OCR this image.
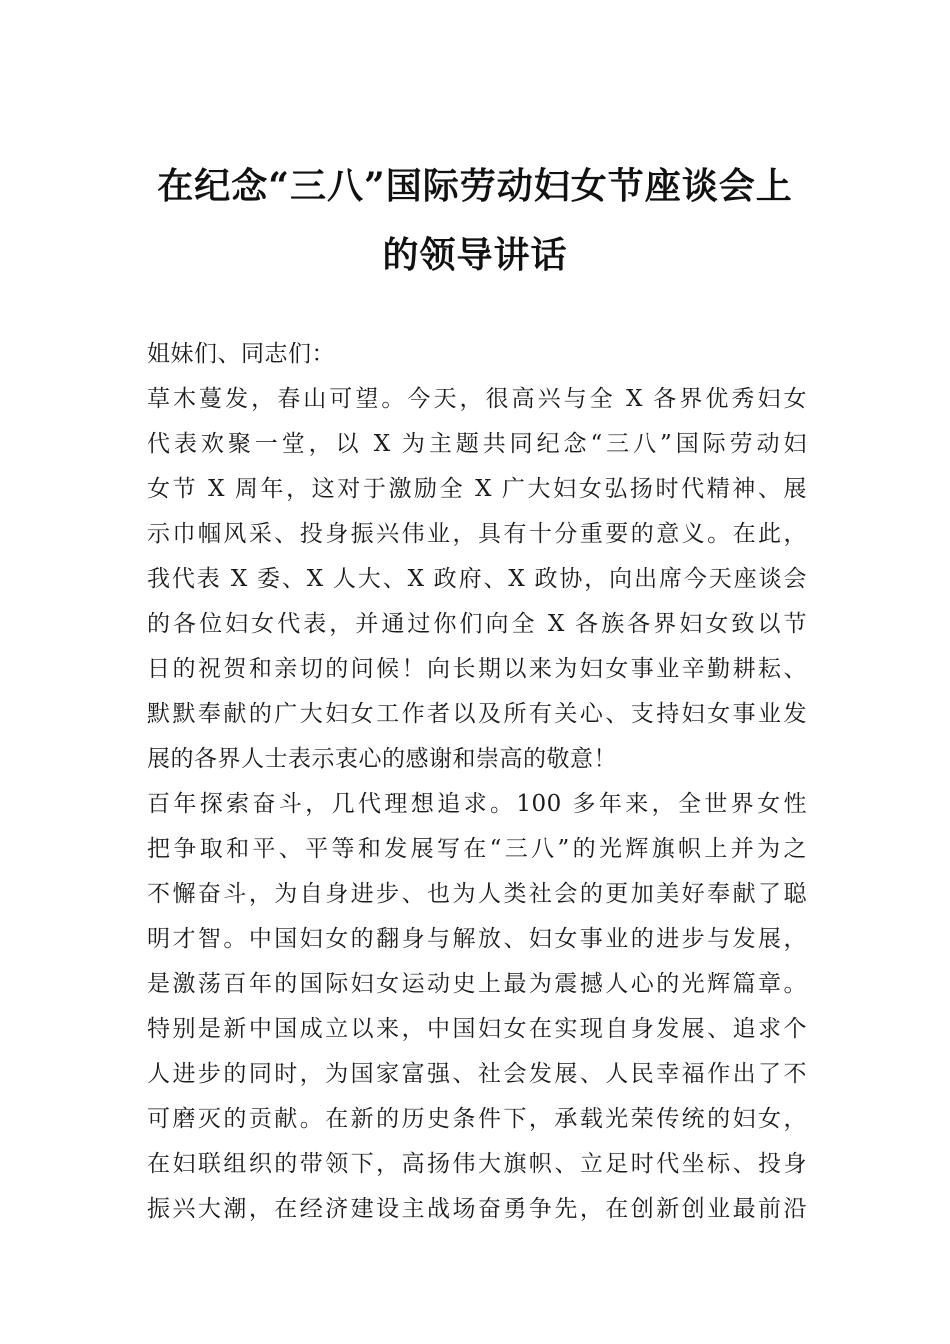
在纪念“三八”国际劳动妇女节座谈会上
的领导讲话
姐妹们、同志们：
草木蔓发，春山可望。今天，很高兴与全 X 各界优秀妇女
代表欢聚一堂，以 X 为主题共同纪念“三八”国际劳动妇
女节 X 周年，这对于激励全 X 广大妇女弘扬时代精神、展
示巾帼风采、投身振兴伟业，具有十分重要的意义。在此，
我代表 X 委、X 人大、X 政府、X 政协，向出席今天座谈会
的各位妇女代表，并通过你们向全 X 各族各界妇女致以节
日的祝贺和亲切的问候！向长期以来为妇女事业辛勤耕耘、
默默奉献的广大妇女工作者以及所有关心、支持妇女事业发
展的各界人士表示衷心的感谢和崇高的敬意！
百年探索奋斗，几代理想追求。100 多年来，全世界女性
把争取和平、平等和发展写在“三八”的光辉旗帜上并为之
不懈奋斗，为自身进步、也为人类社会的更加美好奉献了聪
明才智。中国妇女的翻身与解放、妇女事业的进步与发展，
是激荡百年的国际妇女运动史上最为震撼人心的光辉篇章。
特别是新中国成立以来，中国妇女在实现自身发展、追求个
人进步的同时，为国家富强、社会发展、人民幸福作出了不
可磨灭的贡献。在新的历史条件下，承载光荣传统的妇女，
在妇联组织的带领下，高扬伟大旗帜、立足时代坐标、投身
振兴大潮，在经济建设主战场奋勇争先，在创新创业最前沿
